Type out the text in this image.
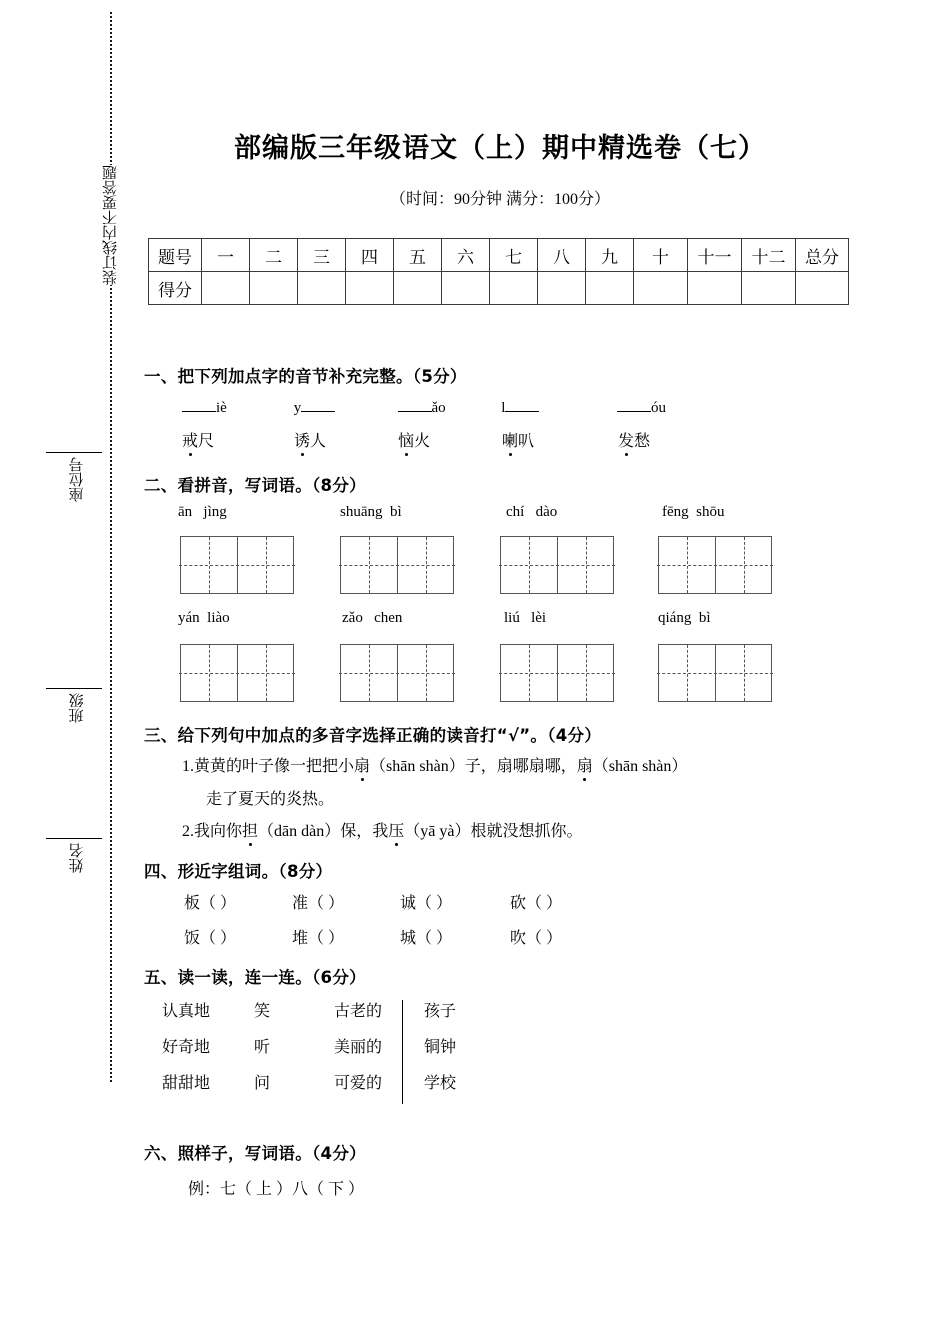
装订线内不要答题
姓名
班级
座位号
部编版三年级语文（上）期中精选卷（七）
（时间：90分钟 满分：100分）
题号	一	二	三	四	五	六	七	八	九	十	十一	十二	总分
得分													
一、把下列加点字的音节补充完整。（5分）
iè	y	ǎo	l	óu
戒尺	诱人	恼火	喇叭	发愁
二、看拼音，写词语。（8分）
ān jìng	shuāng bì	chí dào	fēng shōu
yán liào	zǎo chen	liú lèi	qiáng bì
三、给下列句中加点的多音字选择正确的读音打“√”。（4分）
1.黄黄的叶子像一把把小扇（shān shàn）子，扇哪扇哪，扇（shān shàn）
走了夏天的炎热。
2.我向你担（dān dàn）保，我压（yā yà）根就没想抓你。
四、形近字组词。（8分）
板（ ）	准（ ）	诚（ ）	砍（ ）
饭（ ）	堆（ ）	城（ ）	吹（ ）
五、读一读，连一连。（6分）
认真地	笑	古老的	孩子
好奇地	听	美丽的	铜钟
甜甜地	问	可爱的	学校
六、照样子，写词语。（4分）
例：七（ 上 ）八（ 下 ）
